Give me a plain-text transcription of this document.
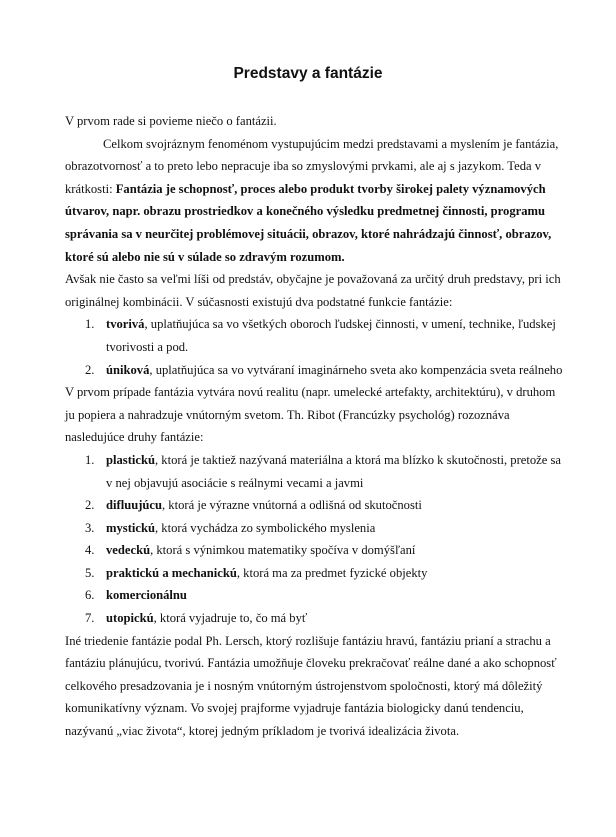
Predstavy a fantázie

V prvom rade si povieme niečo o fantázii.

Celkom svojráznym fenoménom vystupujúcim medzi predstavami a myslením je fantázia, obrazotvornosť a to preto lebo nepracuje iba so zmyslovými prvkami, ale aj s jazykom. Teda v krátkosti: Fantázia je schopnosť, proces alebo produkt tvorby širokej palety významových útvarov, napr. obrazu prostriedkov a konečného výsledku predmetnej činnosti, programu správania sa v neurčitej problémovej situácii, obrazov, ktoré nahrádzajú činnosť, obrazov, ktoré sú alebo nie sú v súlade so zdravým rozumom.

Avšak nie často sa veľmi líši od predstáv, obyčajne je považovaná za určitý druh predstavy, pri ich originálnej kombinácii. V súčasnosti existujú dva podstatné funkcie fantázie:

1. tvorivá, uplatňujúca sa vo všetkých oboroch ľudskej činnosti, v umení, technike, ľudskej tvorivosti a pod.
2. úniková, uplatňujúca sa vo vytváraní imaginárneho sveta ako kompenzácia sveta reálneho

V prvom prípade fantázia vytvára novú realitu (napr. umelecké artefakty, architektúru), v druhom ju popiera a nahradzuje vnútorným svetom. Th. Ribot (Francúzky psychológ) rozoznáva nasledujúce druhy fantázie:

1. plastickú, ktorá je taktiež nazývaná materiálna a ktorá ma blízko k skutočnosti, pretože sa v nej objavujú asociácie s reálnymi vecami a javmi
2. difluujúcu, ktorá je výrazne vnútorná a odlišná od skutočnosti
3. mystickú, ktorá vychádza zo symbolického myslenia
4. vedeckú, ktorá s výnimkou matematiky spočíva v domýšľaní
5. praktickú a mechanickú, ktorá ma za predmet fyzické objekty
6. komercionálnu
7. utopickú, ktorá vyjadruje to, čo má byť

Iné triedenie fantázie podal Ph. Lersch, ktorý rozlišuje fantáziu hravú, fantáziu prianí a strachu a fantáziu plánujúcu, tvorivú. Fantázia umožňuje človeku prekračovať reálne dané a ako schopnosť celkového presadzovania je i nosným vnútorným ústrojenstvom spoločnosti, ktorý má dôležitý komunikatívny význam. Vo svojej prajforme vyjadruje fantázia biologicky danú tendenciu, nazývanú „viac života“, ktorej jedným príkladom je tvorivá idealizácia života.
